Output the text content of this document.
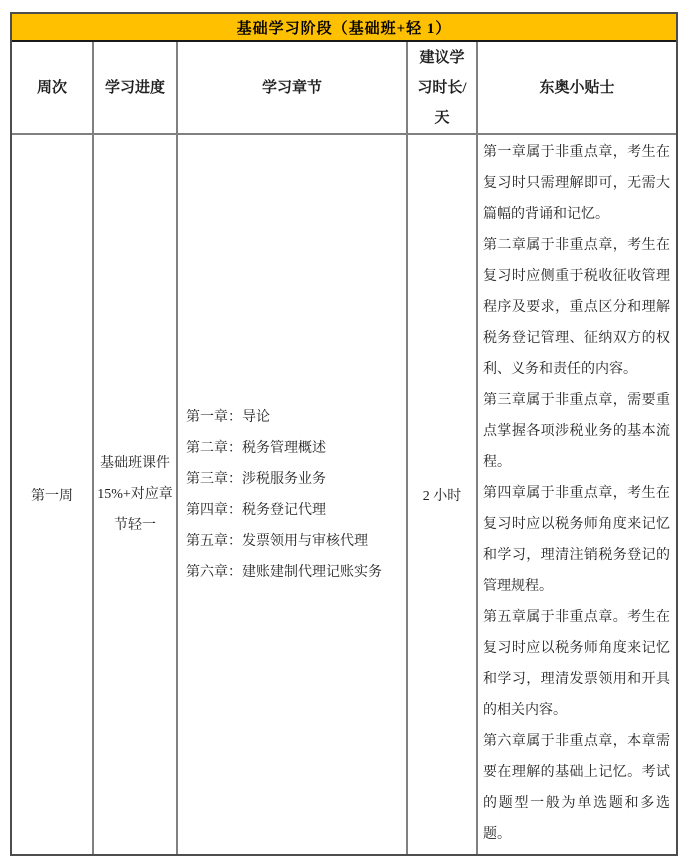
基础学习阶段（基础班+轻 1）
周次	学习进度	学习章节
建议学习时长/天
东奥小贴士
第一周
基础班课件15%+对应章节轻一
第一章：导论
第二章：税务管理概述
第三章：涉税服务业务
第四章：税务登记代理
第五章：发票领用与审核代理
第六章：建账建制代理记账实务
2 小时
第一章属于非重点章，考生在复习时只需理解即可，无需大篇幅的背诵和记忆。
第二章属于非重点章，考生在复习时应侧重于税收征收管理程序及要求，重点区分和理解税务登记管理、征纳双方的权利、义务和责任的内容。
第三章属于非重点章，需要重点掌握各项涉税业务的基本流程。
第四章属于非重点章，考生在复习时应以税务师角度来记忆和学习，理清注销税务登记的管理规程。
第五章属于非重点章。考生在复习时应以税务师角度来记忆和学习，理清发票领用和开具的相关内容。
第六章属于非重点章，本章需要在理解的基础上记忆。考试的题型一般为单选题和多选题。
